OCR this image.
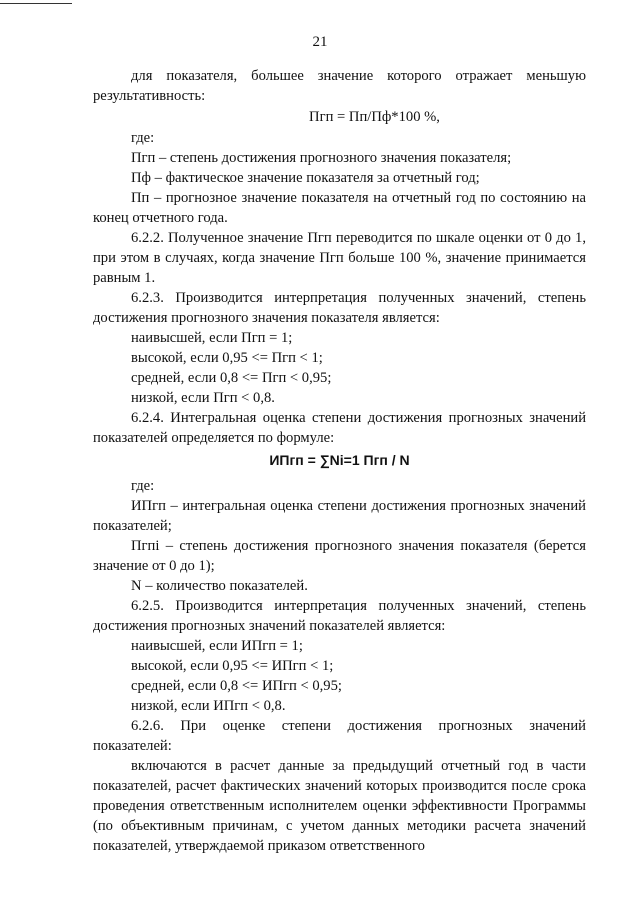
21

для показателя, большее значение которого отражает меньшую результативность:

Пгп = Пп/Пф*100 %,

где:

Пгп – степень достижения прогнозного значения показателя;

Пф – фактическое значение показателя за отчетный год;

Пп – прогнозное значение показателя на отчетный год по состоянию на конец отчетного года.

6.2.2. Полученное значение Пгп переводится по шкале оценки от 0 до 1, при этом в случаях, когда значение Пгп больше 100 %, значение принимается равным 1.

6.2.3. Производится интерпретация полученных значений, степень достижения прогнозного значения показателя является:

наивысшей, если Пгп = 1;

высокой, если 0,95 <= Пгп < 1;

средней, если 0,8 <= Пгп < 0,95;

низкой, если Пгп < 0,8.

6.2.4. Интегральная оценка степени достижения прогнозных значений показателей определяется по формуле:

ИПгп = ∑Ni=1 Пгп / N

где:

ИПгп – интегральная оценка степени достижения прогнозных значений показателей;

Пгпi – степень достижения прогнозного значения показателя (берется значение от 0 до 1);

N – количество показателей.

6.2.5. Производится интерпретация полученных значений, степень достижения прогнозных значений показателей является:

наивысшей, если ИПгп = 1;

высокой, если 0,95 <= ИПгп < 1;

средней, если 0,8 <= ИПгп < 0,95;

низкой, если ИПгп < 0,8.

6.2.6. При оценке степени достижения прогнозных значений показателей:

включаются в расчет данные за предыдущий отчетный год в части показателей, расчет фактических значений которых производится после срока проведения ответственным исполнителем оценки эффективности Программы (по объективным причинам, с учетом данных методики расчета значений показателей, утверждаемой приказом ответственного
